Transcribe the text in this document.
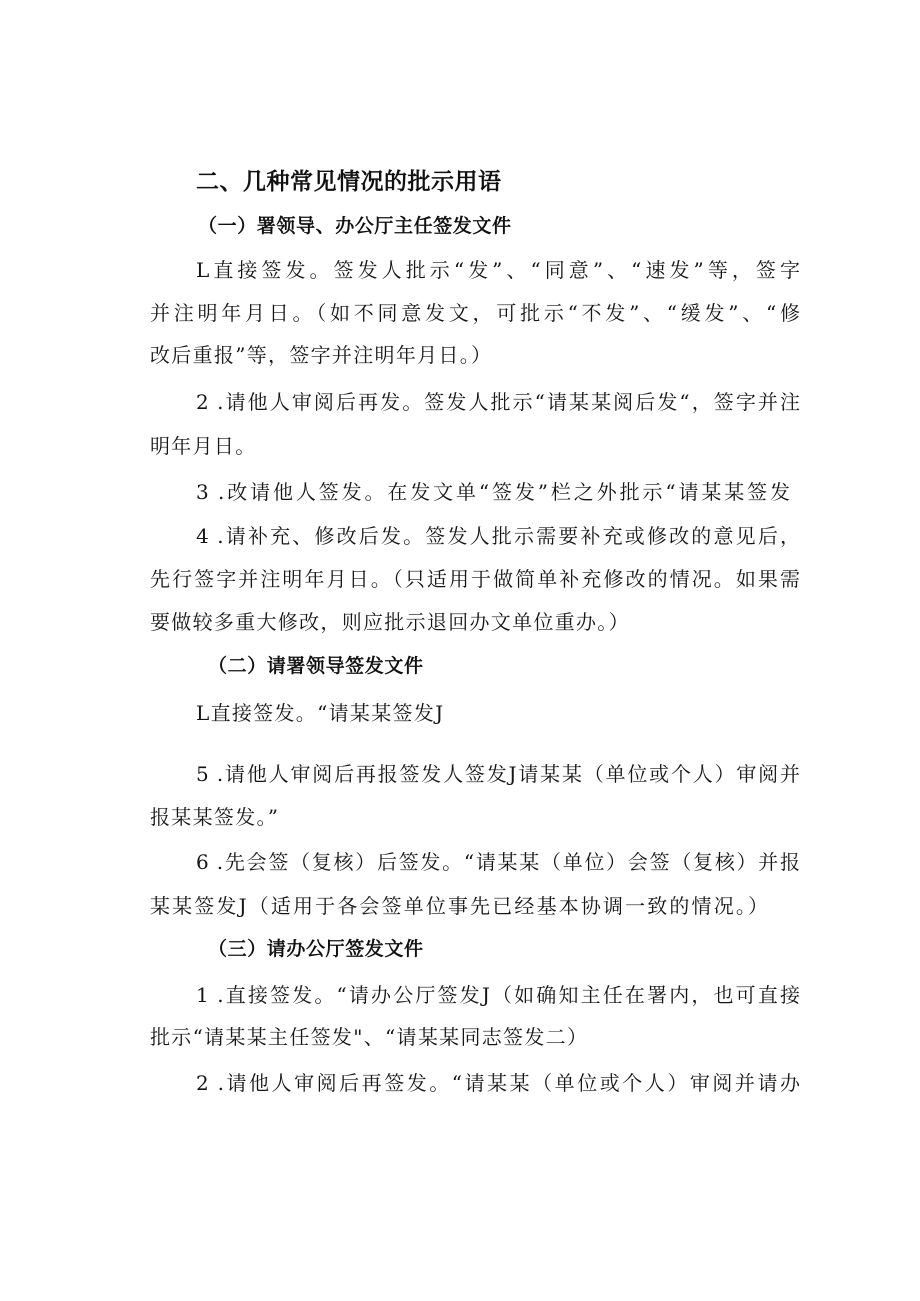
二、几种常见情况的批示用语
（一）署领导、办公厅主任签发文件
L直接签发。签发人批示“发”、“同意”、“速发”等，签字
并注明年月日。（如不同意发文，可批示“不发”、“缓发”、“修
改后重报”等，签字并注明年月日。）
2 .请他人审阅后再发。签发人批示“请某某阅后发“，签字并注
明年月日。
3 .改请他人签发。在发文单“签发”栏之外批示“请某某签发
4 .请补充、修改后发。签发人批示需要补充或修改的意见后，
先行签字并注明年月日。（只适用于做简单补充修改的情况。如果需
要做较多重大修改，则应批示退回办文单位重办。）
（二）请署领导签发文件
L直接签发。“请某某签发J
5 .请他人审阅后再报签发人签发J请某某（单位或个人）审阅并
报某某签发。”
6 .先会签（复核）后签发。“请某某（单位）会签（复核）并报
某某签发J（适用于各会签单位事先已经基本协调一致的情况。）
（三）请办公厅签发文件
1 .直接签发。“请办公厅签发J（如确知主任在署内，也可直接
批示“请某某主任签发"、“请某某同志签发二）
2 .请他人审阅后再签发。“请某某（单位或个人）审阅并请办
